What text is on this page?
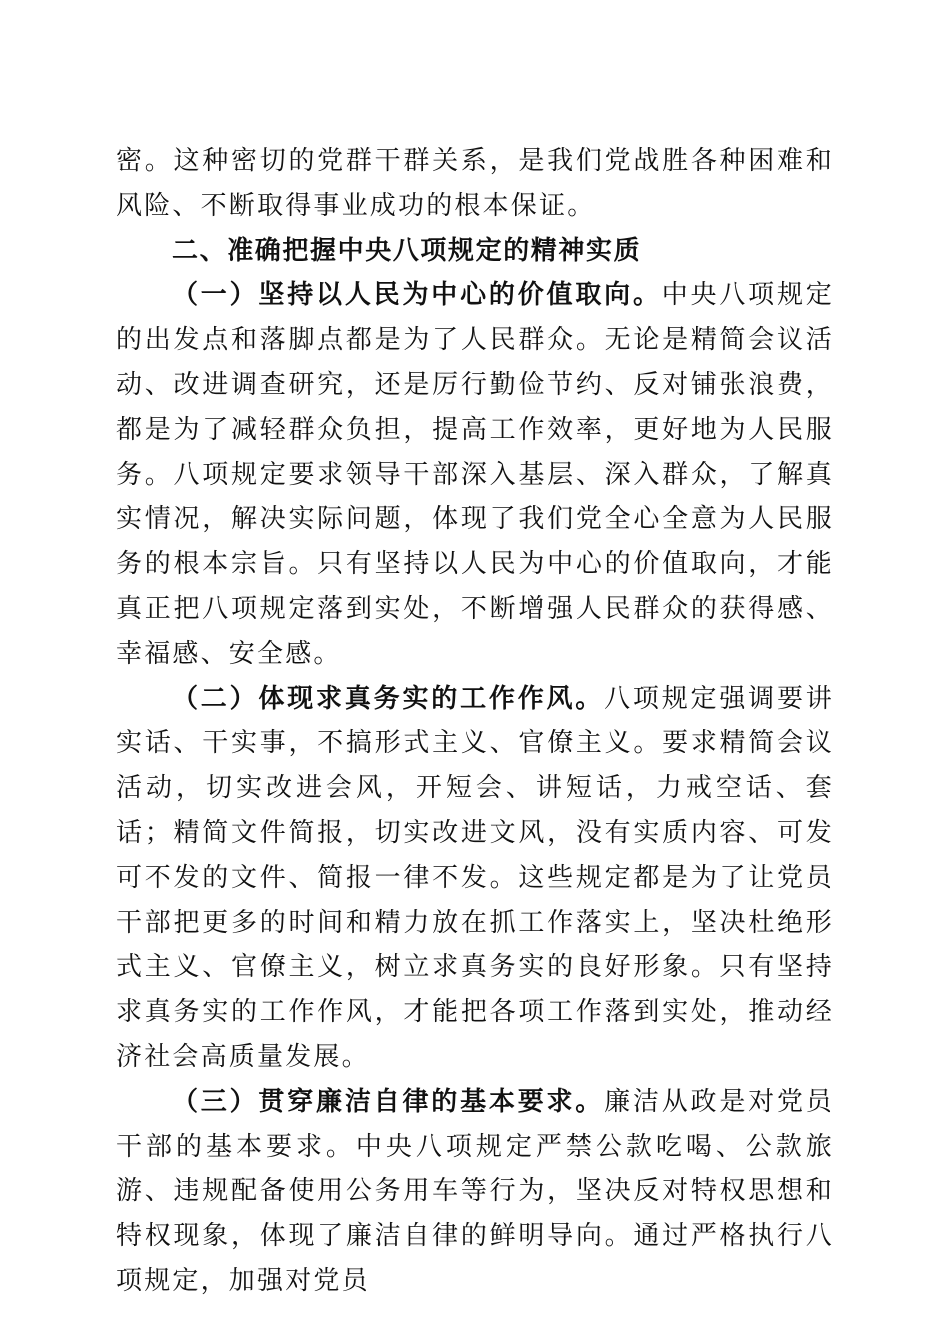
密。这种密切的党群干群关系，是我们党战胜各种困难和风险、不断取得事业成功的根本保证。

二、准确把握中央八项规定的精神实质

（一）坚持以人民为中心的价值取向。中央八项规定的出发点和落脚点都是为了人民群众。无论是精简会议活动、改进调查研究，还是厉行勤俭节约、反对铺张浪费，都是为了减轻群众负担，提高工作效率，更好地为人民服务。八项规定要求领导干部深入基层、深入群众，了解真实情况，解决实际问题，体现了我们党全心全意为人民服务的根本宗旨。只有坚持以人民为中心的价值取向，才能真正把八项规定落到实处，不断增强人民群众的获得感、幸福感、安全感。

（二）体现求真务实的工作作风。八项规定强调要讲实话、干实事，不搞形式主义、官僚主义。要求精简会议活动，切实改进会风，开短会、讲短话，力戒空话、套话；精简文件简报，切实改进文风，没有实质内容、可发可不发的文件、简报一律不发。这些规定都是为了让党员干部把更多的时间和精力放在抓工作落实上，坚决杜绝形式主义、官僚主义，树立求真务实的良好形象。只有坚持求真务实的工作作风，才能把各项工作落到实处，推动经济社会高质量发展。

（三）贯穿廉洁自律的基本要求。廉洁从政是对党员干部的基本要求。中央八项规定严禁公款吃喝、公款旅游、违规配备使用公务用车等行为，坚决反对特权思想和特权现象，体现了廉洁自律的鲜明导向。通过严格执行八项规定，加强对党员
